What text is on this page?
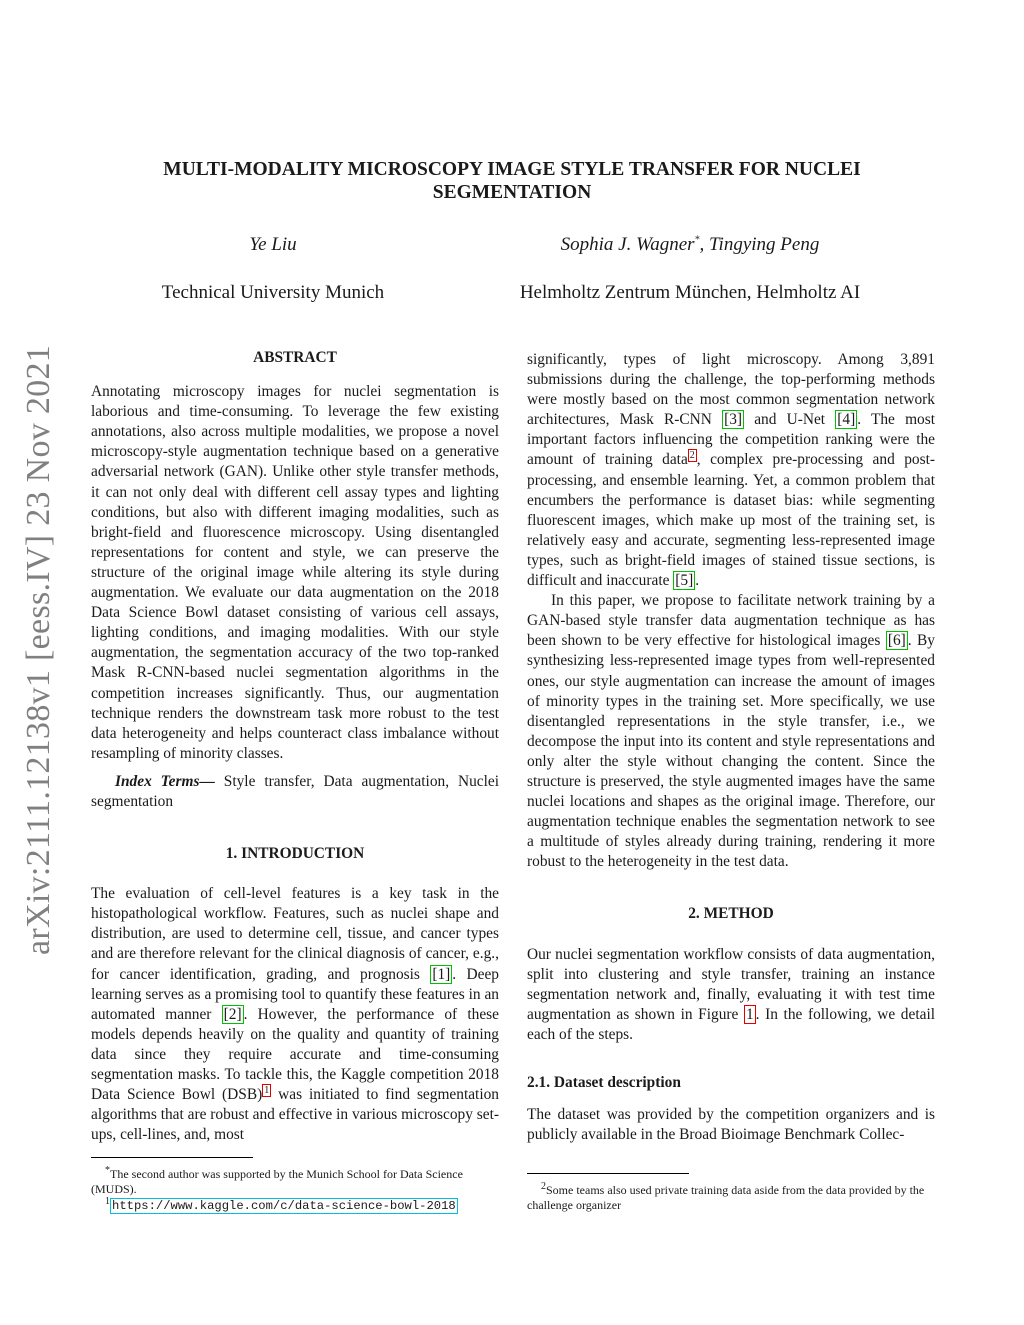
arXiv:2111.12138v1 [eess.IV] 23 Nov 2021
MULTI-MODALITY MICROSCOPY IMAGE STYLE TRANSFER FOR NUCLEI
SEGMENTATION
Ye Liu	Sophia J. Wagner*, Tingying Peng
Technical University Munich	Helmholtz Zentrum München, Helmholtz AI
ABSTRACT

Annotating microscopy images for nuclei segmentation is laborious and time-consuming. To leverage the few existing annotations, also across multiple modalities, we propose a novel microscopy-style augmentation technique based on a generative adversarial network (GAN). Unlike other style transfer methods, it can not only deal with different cell assay types and lighting conditions, but also with different imaging modalities, such as bright-field and fluorescence microscopy. Using disentangled representations for content and style, we can preserve the structure of the original image while altering its style during augmentation. We evaluate our data augmentation on the 2018 Data Science Bowl dataset consisting of various cell assays, lighting conditions, and imaging modalities. With our style augmentation, the segmentation accuracy of the two top-ranked Mask R-CNN-based nuclei segmentation algorithms in the competition increases significantly. Thus, our augmentation technique renders the downstream task more robust to the test data heterogeneity and helps counteract class imbalance without resampling of minority classes.

Index Terms— Style transfer, Data augmentation, Nuclei segmentation

1. INTRODUCTION

The evaluation of cell-level features is a key task in the histopathological workflow. Features, such as nuclei shape and distribution, are used to determine cell, tissue, and cancer types and are therefore relevant for the clinical diagnosis of cancer, e.g., for cancer identification, grading, and prognosis [1] . Deep learning serves as a promising tool to quantify these features in an automated manner [2] . However, the performance of these models depends heavily on the quality and quantity of training data since they require accurate and time-consuming segmentation masks. To tackle this, the Kaggle competition 2018 Data Science Bowl (DSB) $^1$ was initiated to find segmentation algorithms that are robust and effective in various microscopy set-ups, cell-lines, and, most

*The second author was supported by the Munich School for Data Science (MUDS).
$^1$ https://www.kaggle.com/c/data-science-bowl-2018

significantly, types of light microscopy. Among 3,891 submissions during the challenge, the top-performing methods were mostly based on the most common segmentation network architectures, Mask R-CNN [3] and U-Net [4] . The most important factors influencing the competition ranking were the amount of training data $^2$ , complex pre-processing and post-processing, and ensemble learning. Yet, a common problem that encumbers the performance is dataset bias: while segmenting fluorescent images, which make up most of the training set, is relatively easy and accurate, segmenting less-represented image types, such as bright-field images of stained tissue sections, is difficult and inaccurate [5] .

In this paper, we propose to facilitate network training by a GAN-based style transfer data augmentation technique as has been shown to be very effective for histological images [6] . By synthesizing less-represented image types from well-represented ones, our style augmentation can increase the amount of images of minority types in the training set. More specifically, we use disentangled representations in the style transfer, i.e., we decompose the input into its content and style representations and only alter the style without changing the content. Since the structure is preserved, the style augmented images have the same nuclei locations and shapes as the original image. Therefore, our augmentation technique enables the segmentation network to see a multitude of styles already during training, rendering it more robust to the heterogeneity in the test data.

2. METHOD

Our nuclei segmentation workflow consists of data augmentation, split into clustering and style transfer, training an instance segmentation network and, finally, evaluating it with test time augmentation as shown in Figure 1 . In the following, we detail each of the steps.

2.1. Dataset description

The dataset was provided by the competition organizers and is publicly available in the Broad Bioimage Benchmark Collec-

$^2$Some teams also used private training data aside from the data provided by the challenge organizer
